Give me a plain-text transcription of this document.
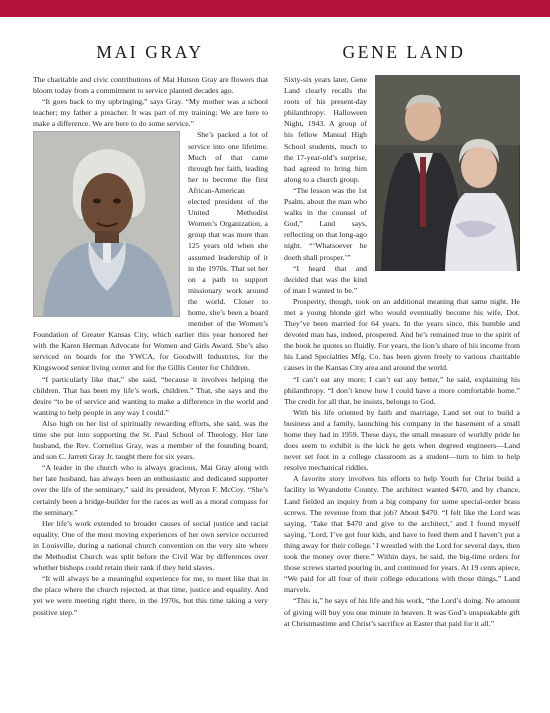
MAI GRAY	GENE LAND

The charitable and civic contributions of Mai Hutson Gray are flowers that bloom today from a commitment to service planted decades ago.

“It goes back to my upbringing,” says Gray. “My mother was a school teacher; my father a preacher. It was part of my training: We are here to make a difference. We are here to do some service.”

She’s packed a lot of service into one lifetime. Much of that came through her faith, leading her to become the first African-American elected president of the United Methodist Women’s Organization, a group that was more than 125 years old when she assumed leadership of it in the 1970s. That set her on a path to support missionary work around the world. Closer to home, she’s been a board member of the Women’s Foundation of Greater Kansas City, which earlier this year honored her with the Karen Herman Advocate for Women and Girls Award. She’s also serviced on boards for the YWCA, for Goodwill Industries, for the Kingswood senior living center and for the Gillis Center for Children.

“I particularly like that,” she said, “because it involves helping the children. That has been my life’s work, children.” That, she says and the desire “to be of service and wanting to make a difference in the world and wanting to help people in any way I could.”

Also high on her list of spiritually rewarding efforts, she said, was the time she put into supporting the St. Paul School of Theology. Her late husband, the Rev. Cornelius Gray, was a member of the founding board, and son C. Jarrett Gray Jr. taught there for six years.

“A leader in the church who is always gracious, Mai Gray along with her late husband, has always been an enthusiastic and dedicated supporter over the life of the seminary,” said its president, Myron F. McCoy. “She’s certainly been a bridge-builder for the races as well as a moral compass for the seminary.”

Her life’s work extended to broader causes of social justice and racial equality. One of the most moving experiences of her own service occurred in Louisville, during a national church convention on the very site where the Methodist Church was split before the Civil War by differences over whether bishops could retain their rank if they held slaves.

“It will always be a meaningful experience for me, to meet like that in the place where the church rejected, at that time, justice and equality. And yet we were meeting right there, in the 1970s, but this time taking a very positive step.”

Sixty-six years later, Gene Land clearly recalls the roots of his present-day philanthropy: Halloween Night, 1943. A group of his fellow Manual High School students, much to the 17-year-old’s surprise, had agreed to bring him along to a church group.

“The lesson was the 1st Psalm, about the man who walks in the counsel of God,” Land says, reflecting on that long-ago night. “‘Whatsoever he doeth shall prosper.’”

“I heard that and decided that was the kind of man I wanted to be.”

Prosperity, though, took on an additional meaning that same night. He met a young blonde girl who would eventually become his wife, Dot. They’ve been married for 64 years. In the years since, this humble and devoted man has, indeed, prospered. And he’s remained true to the spirit of the book he quotes so fluidly. For years, the lion’s share of his income from his Land Specialties Mfg. Co. has been given freely to various charitable causes in the Kansas City area and around the world.

“I can’t eat any more; I can’t eat any better,” he said, explaining his philanthropy. “I don’t know how I could have a more comfortable home.” The credit for all that, he insists, belongs to God.

With his life oriented by faith and marriage, Land set out to build a business and a family, launching his company in the basement of a small home they had in 1959. These days, the small measure of worldly pride he does seem to exhibit is the kick he gets when degreed engineers—Land never set foot in a college classroom as a student—turn to him to help resolve mechanical riddles.

A favorite story involves his efforts to help Youth for Christ build a facility in Wyandotte County. The architect wanted $470, and by chance, Land fielded an inquiry from a big company for some special-order brass screws. The revenue from that job? About $470. “I felt like the Lord was saying, ‘Take that $470 and give to the architect,’ and I found myself saying, ‘Lord, I’ve got four kids, and have to feed them and I haven’t put a thing away for their college.’ I wrestled with the Lord for several days, then took the money over there.” Within days, he said, the big-time orders for those screws started pouring in, and continued for years. At 19 cents apiece, “We paid for all four of their college educations with those things,” Land marvels.

“This is,” he says of his life and his work, “the Lord’s doing. No amount of giving will buy you one minute in heaven. It was God’s unspeakable gift at Christmastime and Christ’s sacrifice at Easter that paid for it all.”
